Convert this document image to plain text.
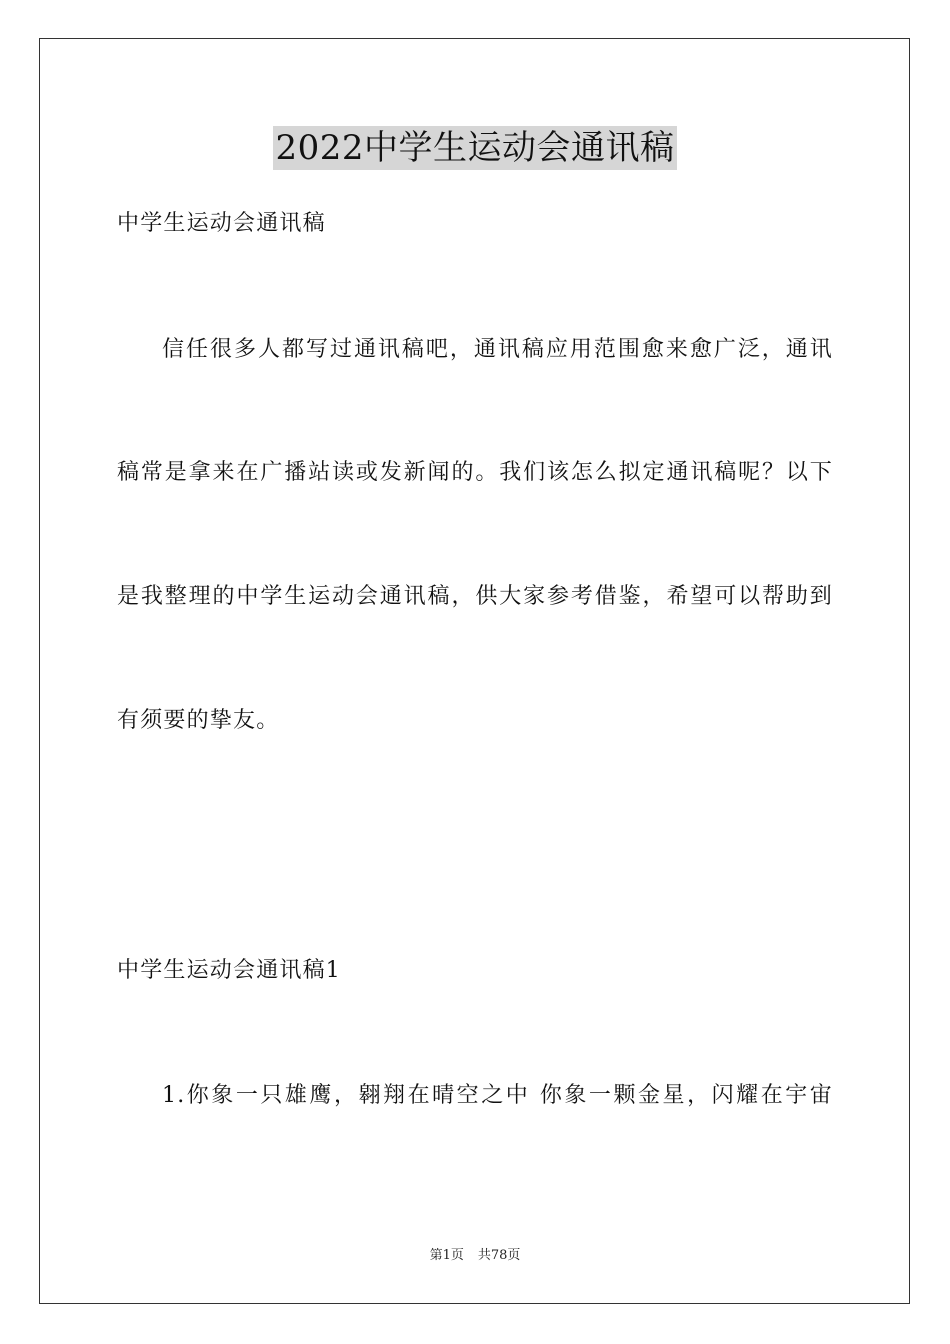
2022中学生运动会通讯稿

中学生运动会通讯稿

信任很多人都写过通讯稿吧，通讯稿应用范围愈来愈广泛，通讯

稿常是拿来在广播站读或发新闻的。我们该怎么拟定通讯稿呢？以下

是我整理的中学生运动会通讯稿，供大家参考借鉴，希望可以帮助到

有须要的挚友。

中学生运动会通讯稿1

1.你象一只雄鹰，翱翔在晴空之中 你象一颗金星，闪耀在宇宙

第1页 共78页
